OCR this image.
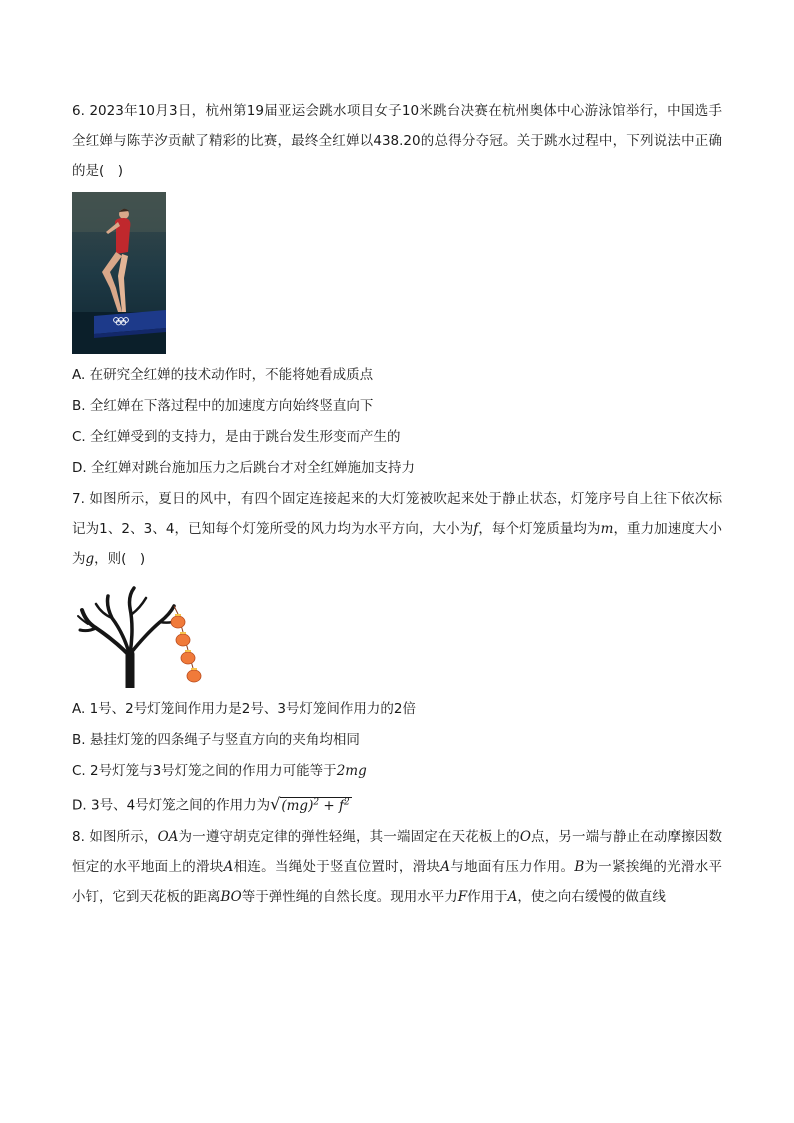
6. 2023年10月3日，杭州第19届亚运会跳水项目女子10米跳台决赛在杭州奥体中心游泳馆举行，中国选手全红婵与陈芋汐贡献了精彩的比赛，最终全红婵以438.20的总得分夺冠。关于跳水过程中，下列说法中正确的是(　)

A. 在研究全红婵的技术动作时，不能将她看成质点

B. 全红婵在下落过程中的加速度方向始终竖直向下

C. 全红婵受到的支持力，是由于跳台发生形变而产生的

D. 全红婵对跳台施加压力之后跳台才对全红婵施加支持力

7. 如图所示，夏日的风中，有四个固定连接起来的大灯笼被吹起来处于静止状态，灯笼序号自上往下依次标记为1、2、3、4，已知每个灯笼所受的风力均为水平方向，大小为f，每个灯笼质量均为m，重力加速度大小为g，则(　)

A. 1号、2号灯笼间作用力是2号、3号灯笼间作用力的2倍

B. 悬挂灯笼的四条绳子与竖直方向的夹角均相同

C. 2号灯笼与3号灯笼之间的作用力可能等于2mg

D. 3号、4号灯笼之间的作用力为$√(mg)^2 + f^2$

8. 如图所示，OA为一遵守胡克定律的弹性轻绳，其一端固定在天花板上的O点，另一端与静止在动摩擦因数恒定的水平地面上的滑块A相连。当绳处于竖直位置时，滑块A与地面有压力作用。B为一紧挨绳的光滑水平小钉，它到天花板的距离BO等于弹性绳的自然长度。现用水平力F作用于A，使之向右缓慢的做直线
